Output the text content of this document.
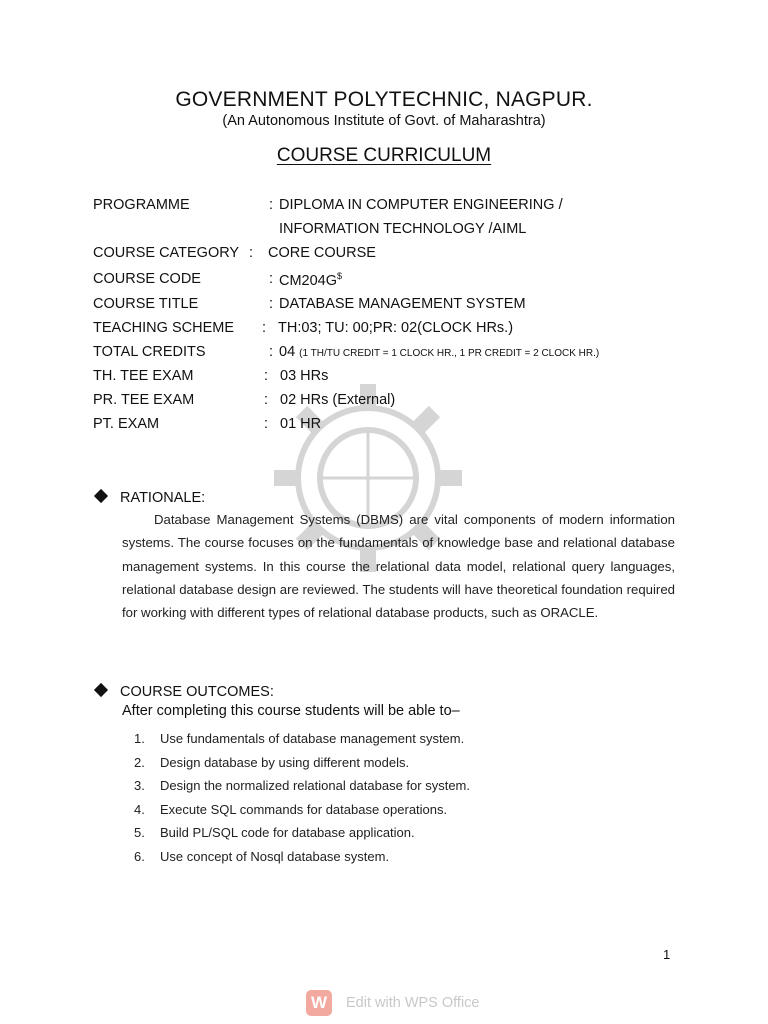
GOVERNMENT POLYTECHNIC, NAGPUR.
(An Autonomous Institute of Govt. of Maharashtra)
COURSE CURRICULUM
PROGRAMME	: DIPLOMA IN COMPUTER ENGINEERING /
INFORMATION TECHNOLOGY /AIML
COURSE CATEGORY : CORE COURSE
COURSE CODE	: CM204G$
COURSE TITLE	: DATABASE MANAGEMENT SYSTEM
TEACHING SCHEME : TH:03; TU: 00;PR: 02(CLOCK HRs.)
TOTAL CREDITS	: 04 (1 TH/TU CREDIT = 1 CLOCK HR., 1 PR CREDIT = 2 CLOCK HR.)
TH. TEE EXAM	: 03 HRs
PR. TEE EXAM	: 02 HRs (External)
PT. EXAM	: 01 HR
RATIONALE:
Database Management Systems (DBMS) are vital components of modern information systems. The course focuses on the fundamentals of knowledge base and relational database management systems. In this course the relational data model, relational query languages, relational database design are reviewed. The students will have theoretical foundation required for working with different types of relational database products, such as ORACLE.
COURSE OUTCOMES:
After completing this course students will be able to–
1. Use fundamentals of database management system.
2. Design database by using different models.
3. Design the normalized relational database for system.
4. Execute SQL commands for database operations.
5. Build PL/SQL code for database application.
6. Use concept of Nosql database system.
1
W	Edit with WPS Office
